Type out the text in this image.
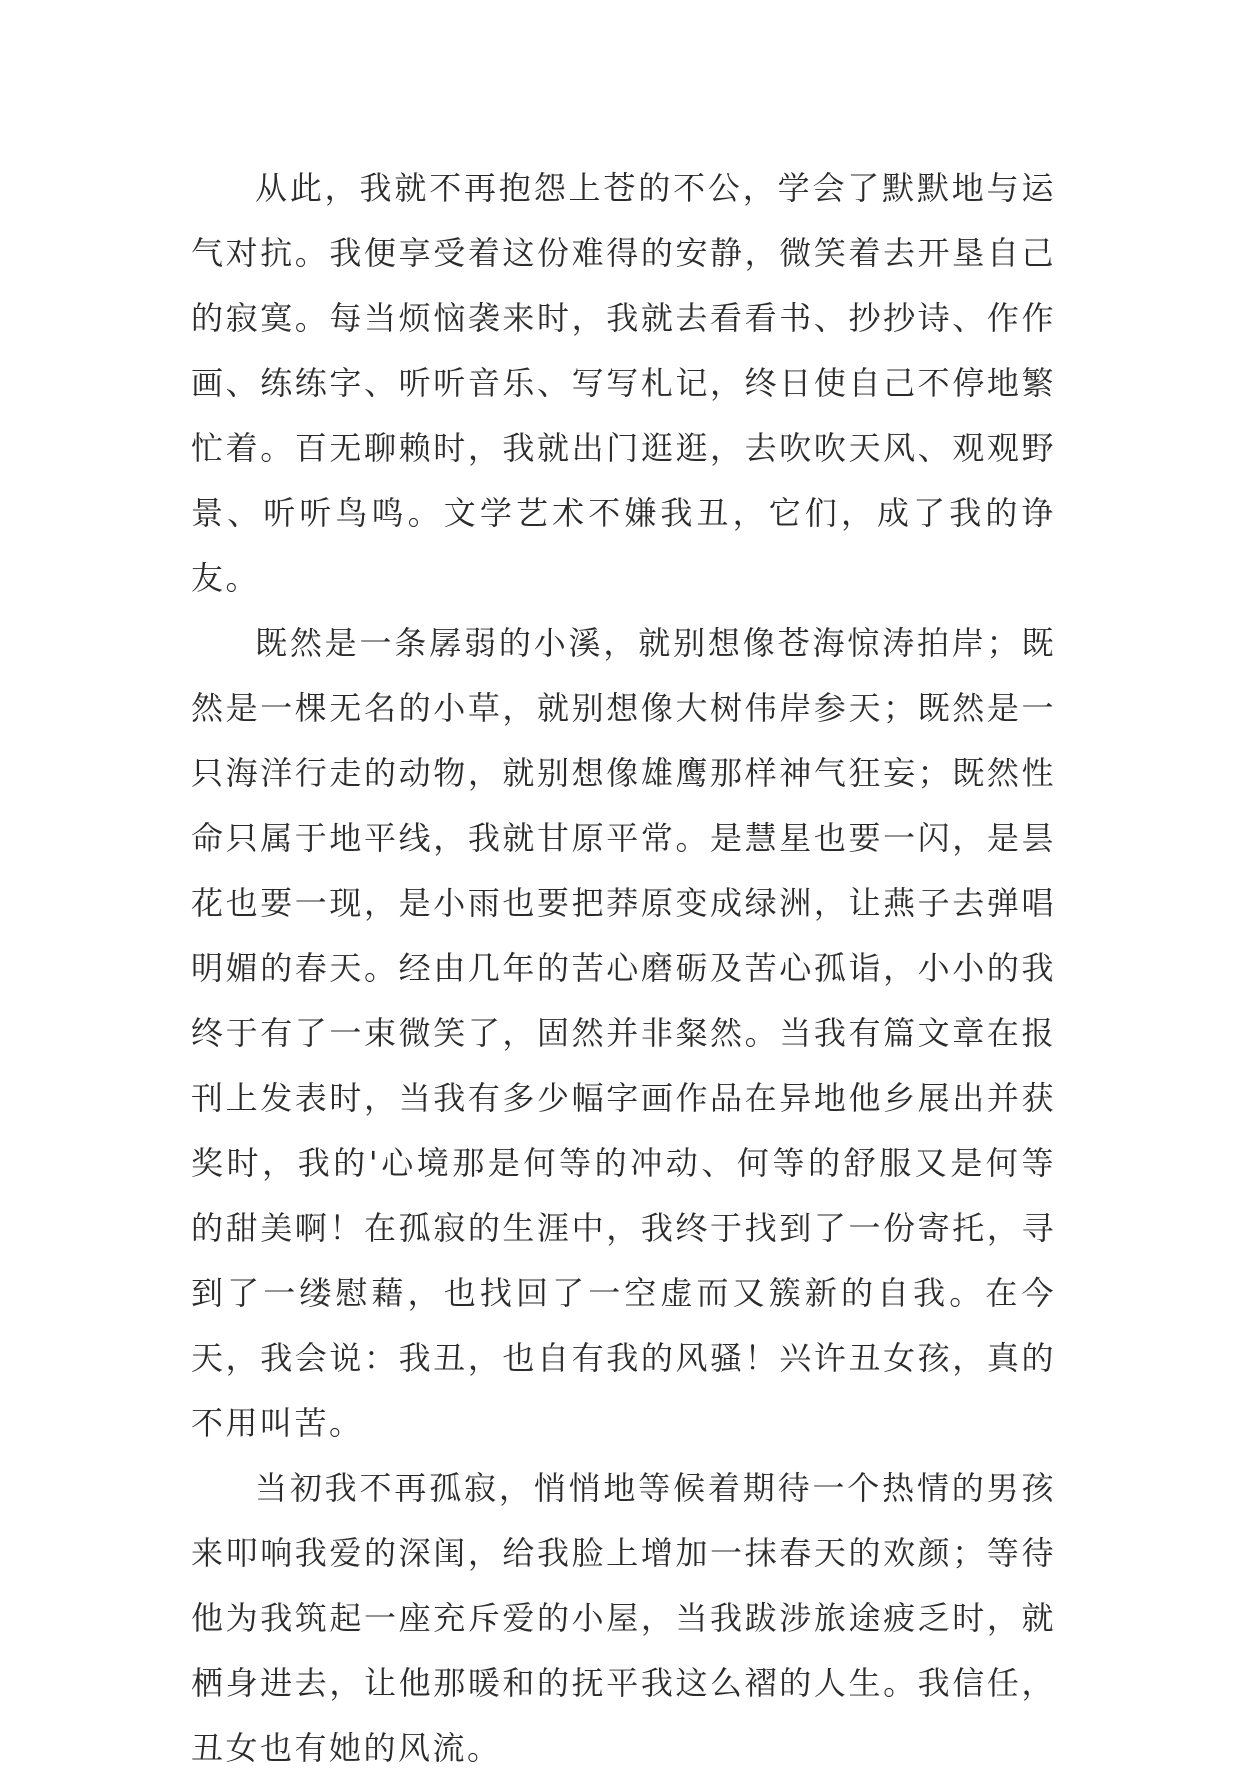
从此，我就不再抱怨上苍的不公，学会了默默地与运气对抗。我便享受着这份难得的安静，微笑着去开垦自己的寂寞。每当烦恼袭来时，我就去看看书、抄抄诗、作作画、练练字、听听音乐、写写札记，终日使自己不停地繁忙着。百无聊赖时，我就出门逛逛，去吹吹天风、观观野景、听听鸟鸣。文学艺术不嫌我丑，它们，成了我的诤友。

既然是一条孱弱的小溪，就别想像苍海惊涛拍岸；既然是一棵无名的小草，就别想像大树伟岸参天；既然是一只海洋行走的动物，就别想像雄鹰那样神气狂妄；既然性命只属于地平线，我就甘原平常。是慧星也要一闪，是昙花也要一现，是小雨也要把莽原变成绿洲，让燕子去弹唱明媚的春天。经由几年的苦心磨砺及苦心孤诣，小小的我终于有了一束微笑了，固然并非粲然。当我有篇文章在报刊上发表时，当我有多少幅字画作品在异地他乡展出并获奖时，我的'心境那是何等的冲动、何等的舒服又是何等的甜美啊！在孤寂的生涯中，我终于找到了一份寄托，寻到了一缕慰藉，也找回了一空虚而又簇新的自我。在今天，我会说：我丑，也自有我的风骚！兴许丑女孩，真的不用叫苦。

当初我不再孤寂，悄悄地等候着期待一个热情的男孩来叩响我爱的深闺，给我脸上增加一抹春天的欢颜；等待他为我筑起一座充斥爱的小屋，当我跋涉旅途疲乏时，就栖身进去，让他那暖和的抚平我这么褶的人生。我信任，丑女也有她的风流。
